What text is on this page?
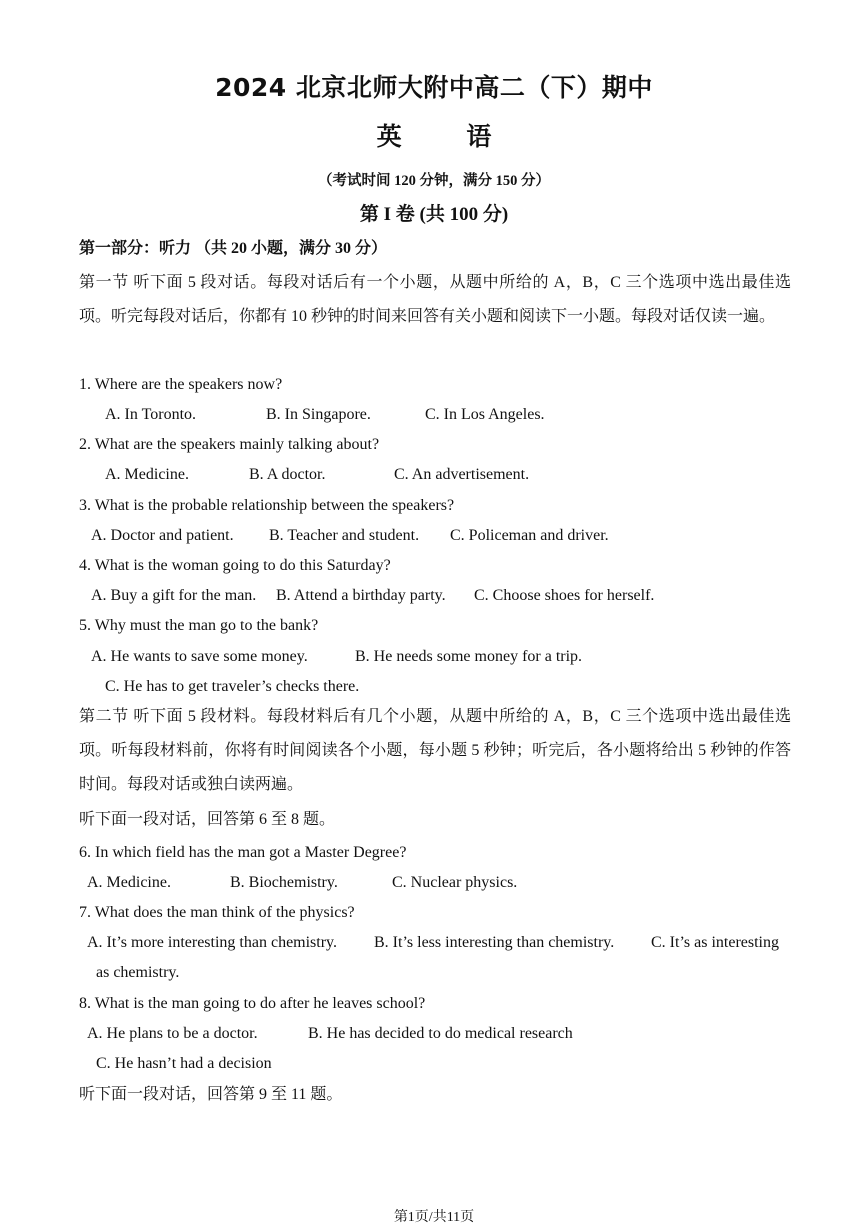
2024 北京北师大附中高二（下）期中
英 语
（考试时间 120 分钟，满分 150 分）
第 I 卷 (共 100 分)
第一部分：听力 （共 20 小题，满分 30 分）
第一节 听下面 5 段对话。每段对话后有一个小题，从题中所给的 A，B，C 三个选项中选出最佳选项。听完每段对话后，你都有 10 秒钟的时间来回答有关小题和阅读下一小题。每段对话仅读一遍。
1. Where are the speakers now?
A. In Toronto.	B. In Singapore.	C. In Los Angeles.
2. What are the speakers mainly talking about?
A. Medicine.	B. A doctor.	C. An advertisement.
3. What is the probable relationship between the speakers?
A. Doctor and patient. B. Teacher and student. C. Policeman and driver.
4. What is the woman going to do this Saturday?
A. Buy a gift for the man. B. Attend a birthday party. C. Choose shoes for herself.
5. Why must the man go to the bank?
A. He wants to save some money.	B. He needs some money for a trip.
C. He has to get traveler’s checks there.
第二节 听下面 5 段材料。每段材料后有几个小题，从题中所给的 A，B，C 三个选项中选出最佳选项。听每段材料前，你将有时间阅读各个小题，每小题 5 秒钟；听完后，各小题将给出 5 秒钟的作答时间。每段对话或独白读两遍。
听下面一段对话，回答第 6 至 8 题。
6. In which field has the man got a Master Degree?
A. Medicine.	B. Biochemistry.	C. Nuclear physics.
7. What does the man think of the physics?
A. It’s more interesting than chemistry. B. It’s less interesting than chemistry. C. It’s as interesting
as chemistry.
8. What is the man going to do after he leaves school?
A. He plans to be a doctor.	B. He has decided to do medical research
C. He hasn’t had a decision
听下面一段对话，回答第 9 至 11 题。
第1页/共11页
